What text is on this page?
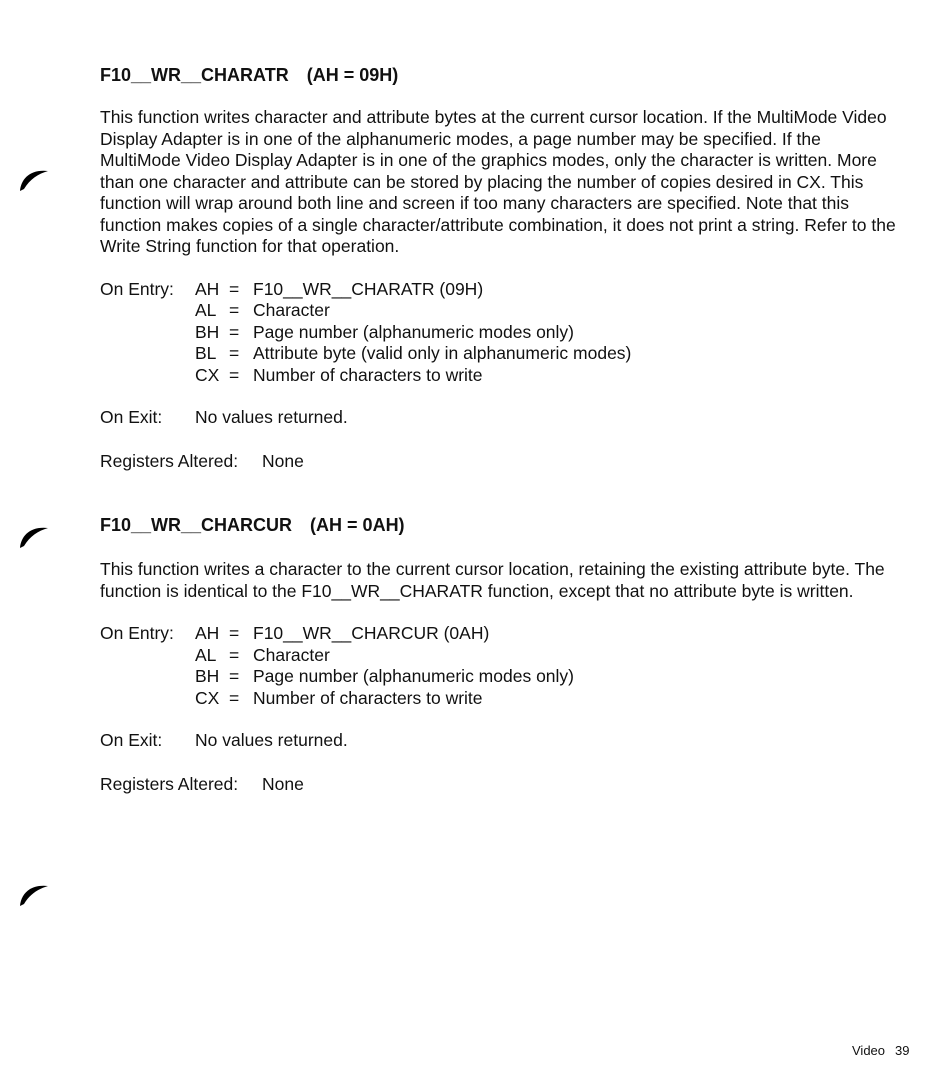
F10__WR__CHARATR (AH = 09H)

This function writes character and attribute bytes at the current cursor location. If the MultiMode Video Display Adapter is in one of the alphanumeric modes, a page number may be specified. If the MultiMode Video Display Adapter is in one of the graphics modes, only the character is written. More than one character and attribute can be stored by placing the number of copies desired in CX. This function will wrap around both line and screen if too many characters are specified. Note that this function makes copies of a single character/attribute combination, it does not print a string. Refer to the Write String function for that operation.

On Entry: AH = F10__WR__CHARATR (09H)
AL = Character
BH = Page number (alphanumeric modes only)
BL = Attribute byte (valid only in alphanumeric modes)
CX = Number of characters to write
On Exit: No values returned.
Registers Altered: None
F10__WR__CHARCUR (AH = 0AH)

This function writes a character to the current cursor location, retaining the existing attribute byte. The function is identical to the F10__WR__CHARATR function, except that no attribute byte is written.

On Entry: AH = F10__WR__CHARCUR (0AH)
AL = Character
BH = Page number (alphanumeric modes only)
CX = Number of characters to write
On Exit: No values returned.
Registers Altered: None
Video 39
